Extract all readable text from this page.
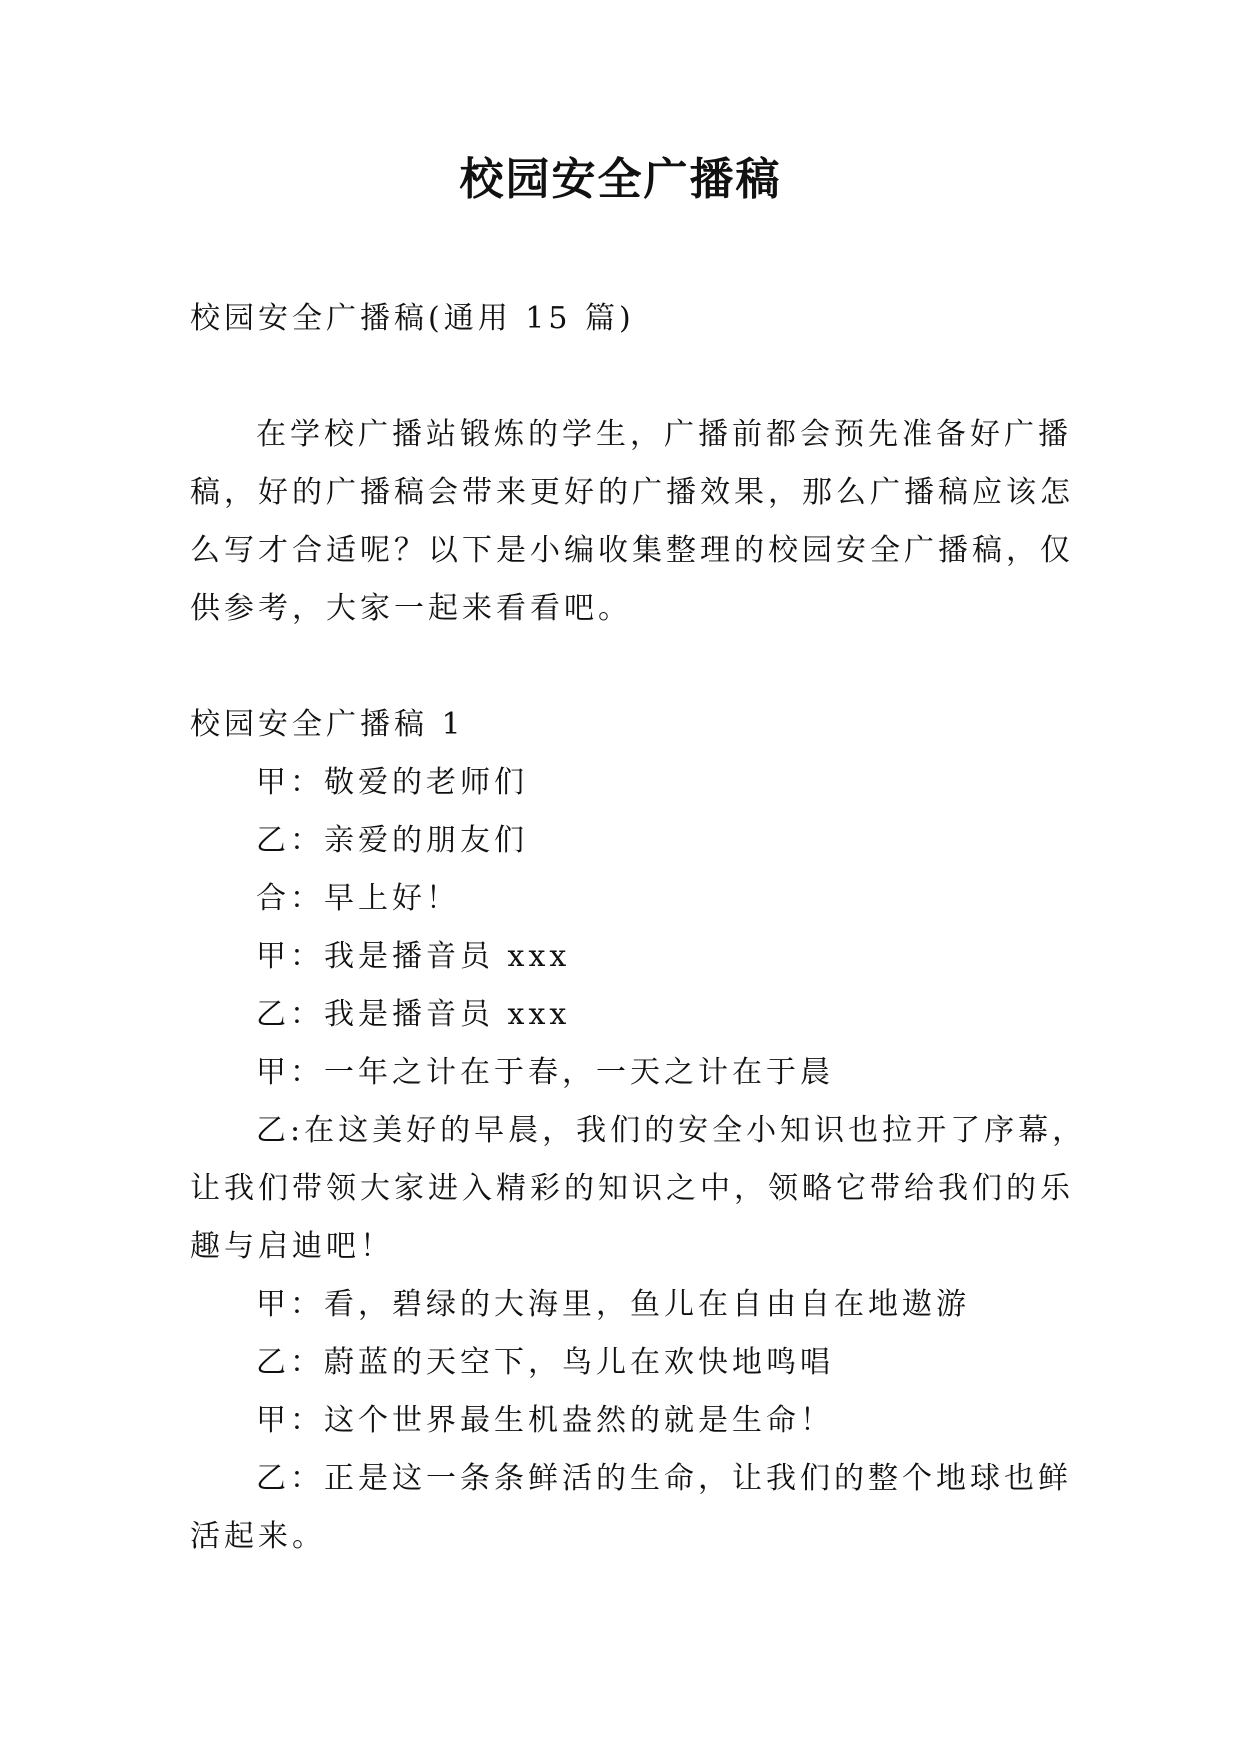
校园安全广播稿
校园安全广播稿(通用 15 篇)
在学校广播站锻炼的学生，广播前都会预先准备好广播
稿，好的广播稿会带来更好的广播效果，那么广播稿应该怎
么写才合适呢？以下是小编收集整理的校园安全广播稿，仅
供参考，大家一起来看看吧。
校园安全广播稿 1
甲：敬爱的老师们
乙：亲爱的朋友们
合：早上好！
甲：我是播音员 xxx
乙：我是播音员 xxx
甲：一年之计在于春，一天之计在于晨
乙:在这美好的早晨，我们的安全小知识也拉开了序幕，
让我们带领大家进入精彩的知识之中，领略它带给我们的乐
趣与启迪吧！
甲：看，碧绿的大海里，鱼儿在自由自在地遨游
乙：蔚蓝的天空下，鸟儿在欢快地鸣唱
甲：这个世界最生机盎然的就是生命！
乙：正是这一条条鲜活的生命，让我们的整个地球也鲜
活起来。
